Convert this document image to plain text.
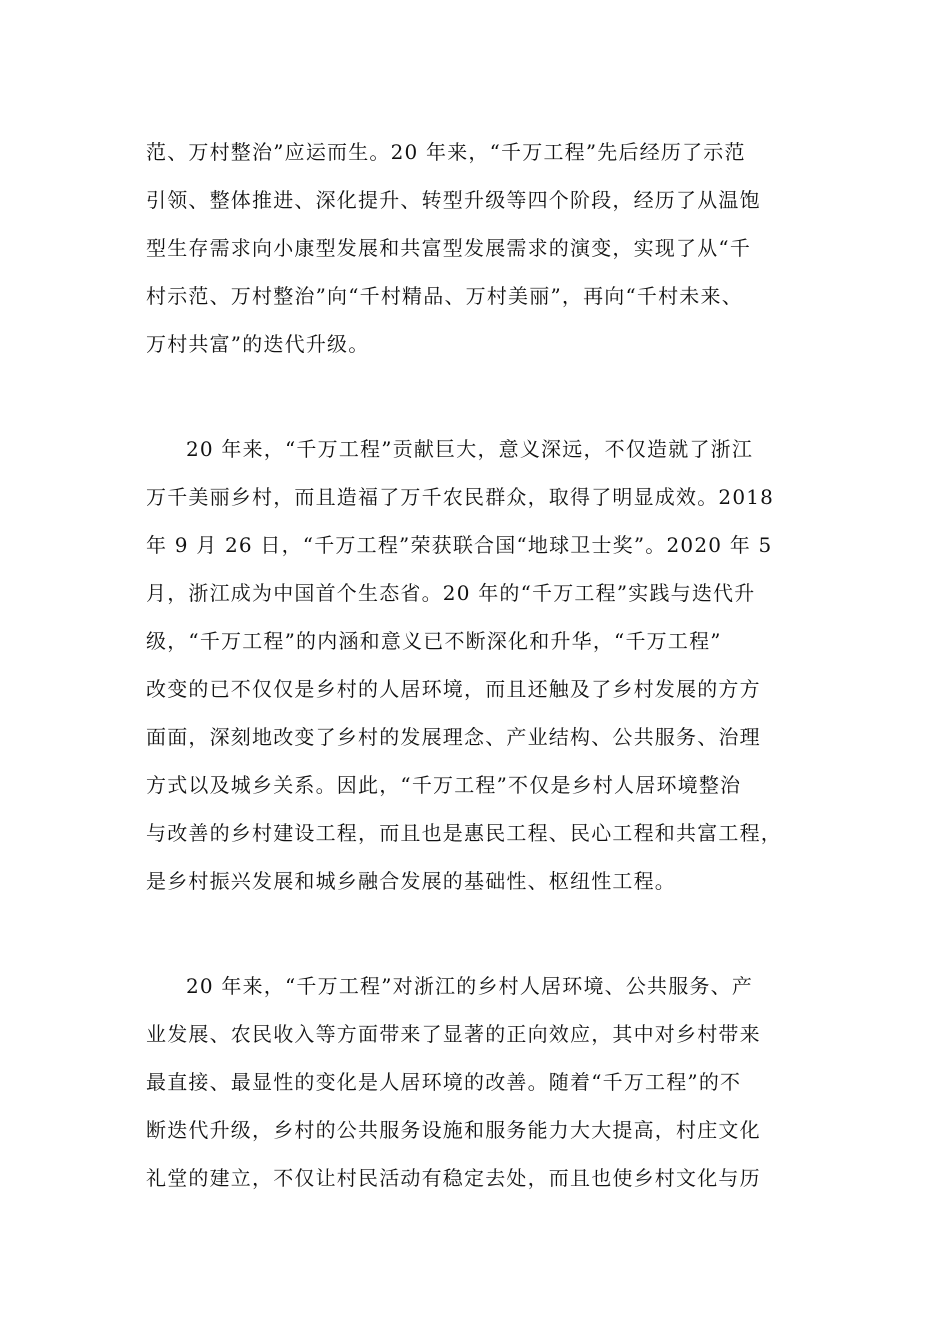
范、万村整治”应运而生。20 年来，“千万工程”先后经历了示范
引领、整体推进、深化提升、转型升级等四个阶段，经历了从温饱
型生存需求向小康型发展和共富型发展需求的演变，实现了从“千
村示范、万村整治”向“千村精品、万村美丽”，再向“千村未来、
万村共富”的迭代升级。
20 年来，“千万工程”贡献巨大，意义深远，不仅造就了浙江
万千美丽乡村，而且造福了万千农民群众，取得了明显成效。2018
年 9 月 26 日，“千万工程”荣获联合国“地球卫士奖”。2020 年 5
月，浙江成为中国首个生态省。20 年的“千万工程”实践与迭代升
级，“千万工程”的内涵和意义已不断深化和升华，“千万工程”
改变的已不仅仅是乡村的人居环境，而且还触及了乡村发展的方方
面面，深刻地改变了乡村的发展理念、产业结构、公共服务、治理
方式以及城乡关系。因此，“千万工程”不仅是乡村人居环境整治
与改善的乡村建设工程，而且也是惠民工程、民心工程和共富工程，
是乡村振兴发展和城乡融合发展的基础性、枢纽性工程。
20 年来，“千万工程”对浙江的乡村人居环境、公共服务、产
业发展、农民收入等方面带来了显著的正向效应，其中对乡村带来
最直接、最显性的变化是人居环境的改善。随着“千万工程”的不
断迭代升级，乡村的公共服务设施和服务能力大大提高，村庄文化
礼堂的建立，不仅让村民活动有稳定去处，而且也使乡村文化与历
